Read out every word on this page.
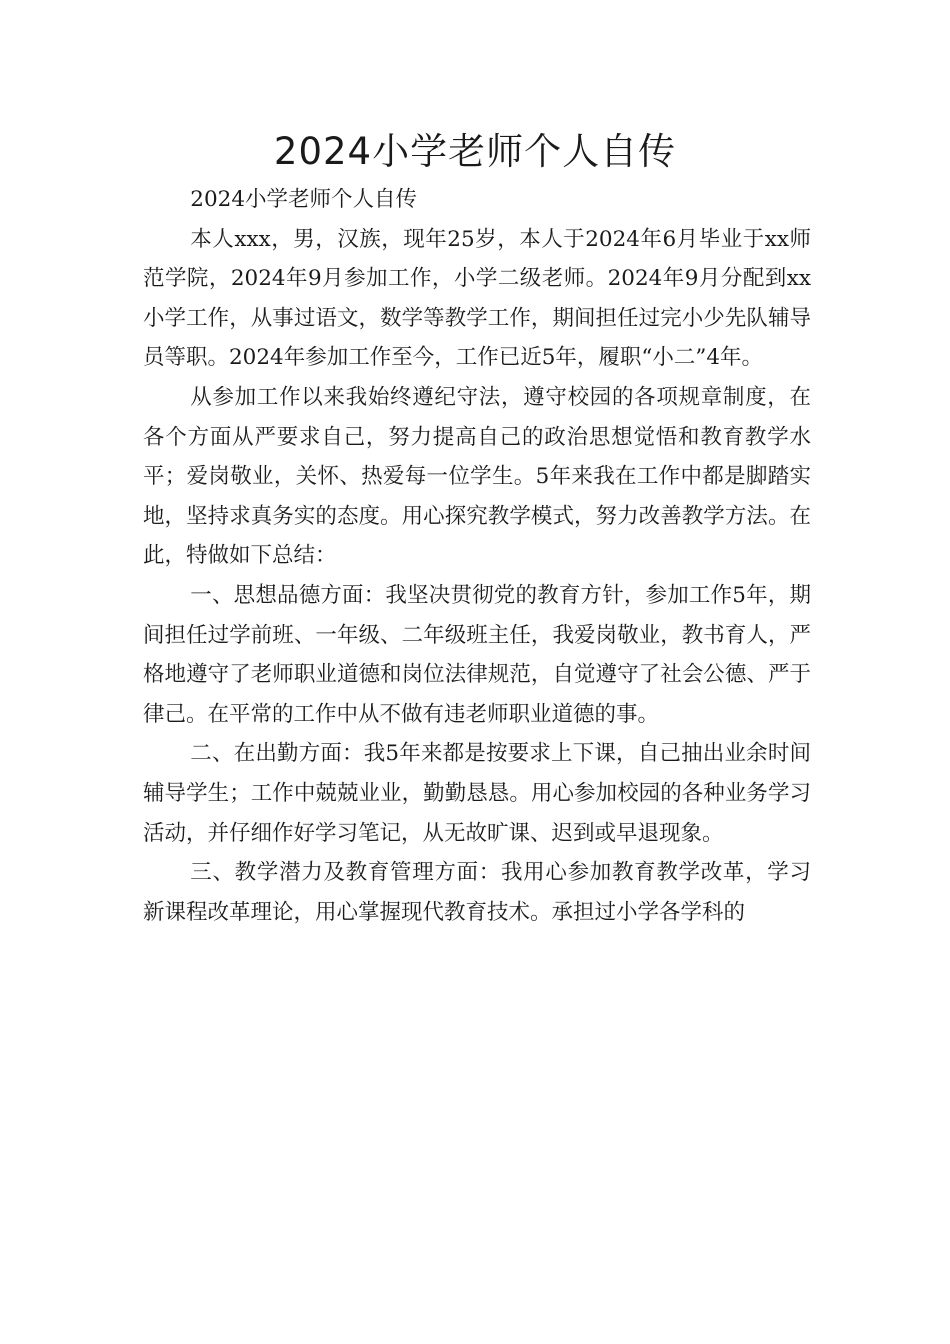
2024小学老师个人自传

2024小学老师个人自传

本人xxx，男，汉族，现年25岁，本人于2024年6月毕业于xx师范学院，2024年9月参加工作，小学二级老师。2024年9月分配到xx小学工作，从事过语文，数学等教学工作，期间担任过完小少先队辅导员等职。2024年参加工作至今，工作已近5年，履职“小二”4年。

从参加工作以来我始终遵纪守法，遵守校园的各项规章制度，在各个方面从严要求自己，努力提高自己的政治思想觉悟和教育教学水平；爱岗敬业，关怀、热爱每一位学生。5年来我在工作中都是脚踏实地，坚持求真务实的态度。用心探究教学模式，努力改善教学方法。在此，特做如下总结：

一、思想品德方面：我坚决贯彻党的教育方针，参加工作5年，期间担任过学前班、一年级、二年级班主任，我爱岗敬业，教书育人，严格地遵守了老师职业道德和岗位法律规范，自觉遵守了社会公德、严于律己。在平常的工作中从不做有违老师职业道德的事。

二、在出勤方面：我5年来都是按要求上下课，自己抽出业余时间辅导学生；工作中兢兢业业，勤勤恳恳。用心参加校园的各种业务学习活动，并仔细作好学习笔记，从无故旷课、迟到或早退现象。

三、教学潜力及教育管理方面：我用心参加教育教学改革，学习新课程改革理论，用心掌握现代教育技术。承担过小学各学科的
